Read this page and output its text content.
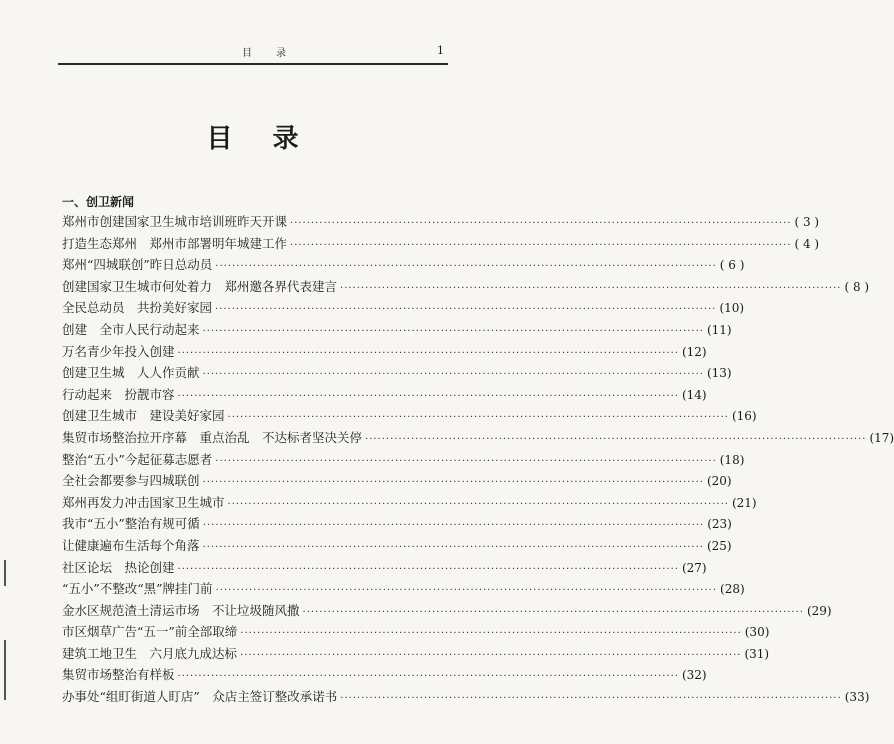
目录	1
目录
一、创卫新闻
郑州市创建国家卫生城市培训班昨天开课 ························································································································ ( 3 )
打造生态郑州　郑州市部署明年城建工作 ························································································································ ( 4 )
郑州“四城联创”昨日总动员 ························································································································ ( 6 )
创建国家卫生城市何处着力　郑州邀各界代表建言 ························································································································ ( 8 )
全民总动员　共扮美好家园 ························································································································ (10)
创建　全市人民行动起来 ························································································································ (11)
万名青少年投入创建 ························································································································ (12)
创建卫生城　人人作贡献 ························································································································ (13)
行动起来　扮靓市容 ························································································································ (14)
创建卫生城市　建设美好家园 ························································································································ (16)
集贸市场整治拉开序幕　重点治乱　不达标者坚决关停 ························································································································ (17)
整治“五小”今起征募志愿者 ························································································································ (18)
全社会都要参与四城联创 ························································································································ (20)
郑州再发力冲击国家卫生城市 ························································································································ (21)
我市“五小”整治有规可循 ························································································································ (23)
让健康遍布生活每个角落 ························································································································ (25)
社区论坛　热论创建 ························································································································ (27)
“五小”不整改“黑”牌挂门前 ························································································································ (28)
金水区规范渣土清运市场　不让垃圾随风撒 ························································································································ (29)
市区烟草广告“五一”前全部取缔 ························································································································ (30)
建筑工地卫生　六月底九成达标 ························································································································ (31)
集贸市场整治有样板 ························································································································ (32)
办事处“组盯街道人盯店”　众店主签订整改承诺书 ························································································································ (33)
